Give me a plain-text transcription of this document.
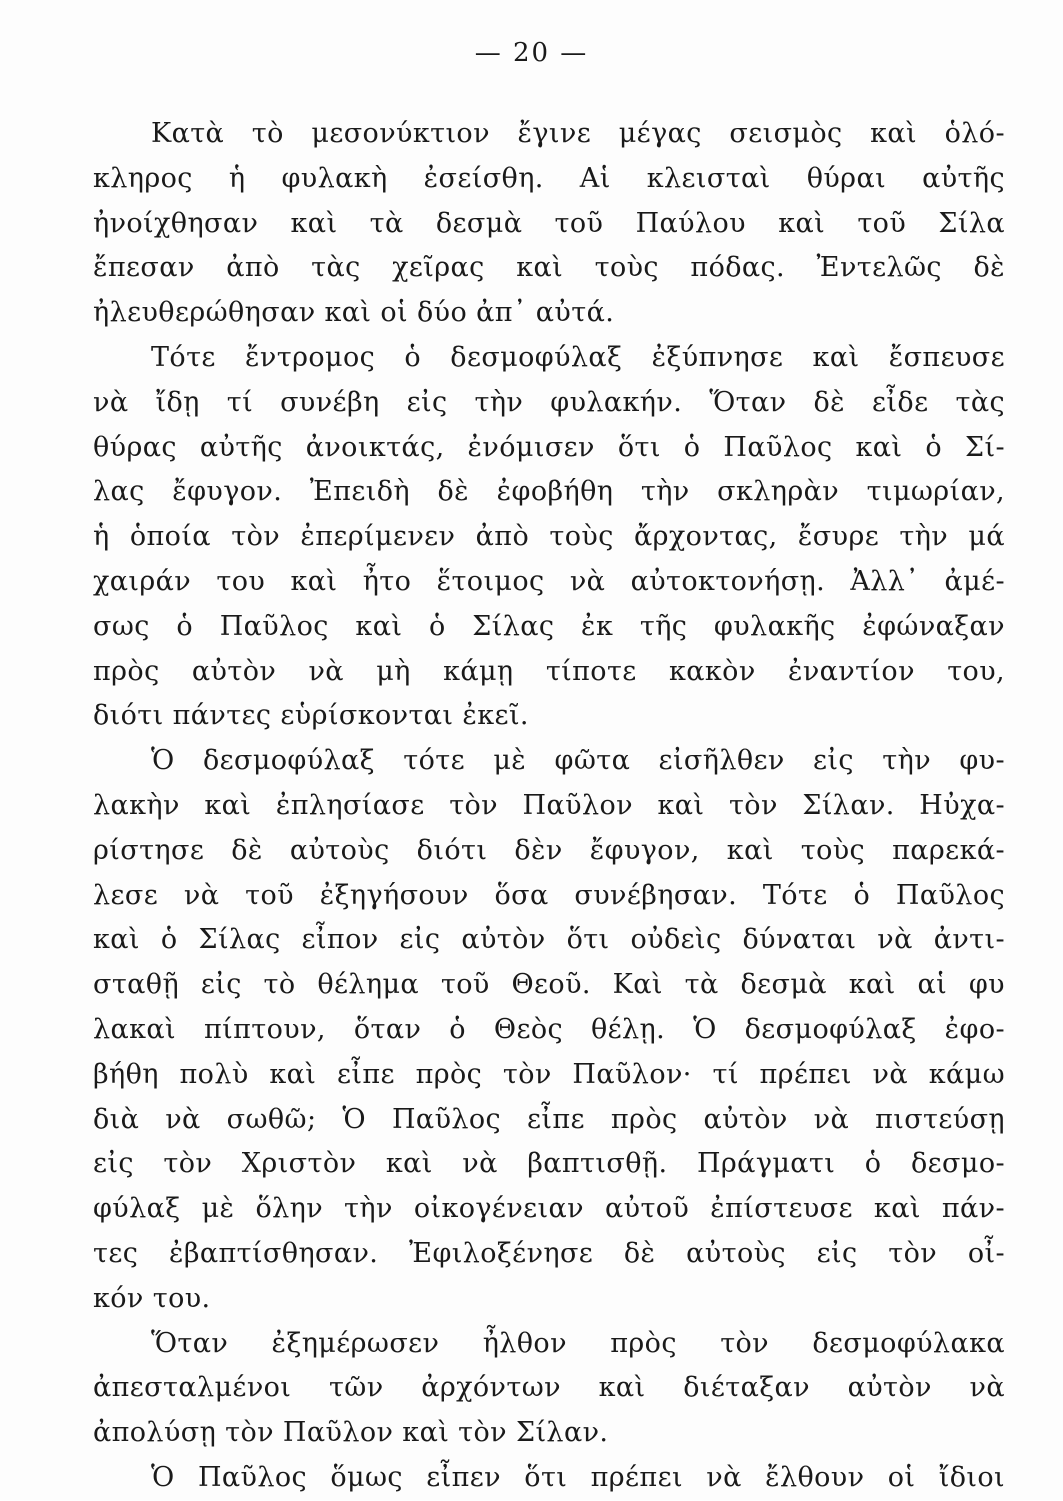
— 20 —
Κατὰ τὸ μεσονύκτιον ἔγινε μέγας σεισμὸς καὶ ὁλό-
κληρος ἡ φυλακὴ ἐσείσθη. Αἱ κλεισταὶ θύραι αὐτῆς
ἠνοίχθησαν καὶ τὰ δεσμὰ τοῦ Παύλου καὶ τοῦ Σίλα
ἔπεσαν ἀπὸ τὰς χεῖρας καὶ τοὺς πόδας. Ἐντελῶς δὲ
ἠλευθερώθησαν καὶ οἱ δύο ἀπ᾽ αὐτά.
Τότε ἔντρομος ὁ δεσμοφύλαξ ἐξύπνησε καὶ ἔσπευσε
νὰ ἴδῃ τί συνέβη εἰς τὴν φυλακήν. Ὅταν δὲ εἶδε τὰς
θύρας αὐτῆς ἀνοικτάς, ἐνόμισεν ὅτι ὁ Παῦλος καὶ ὁ Σί-
λας ἔφυγον. Ἐπειδὴ δὲ ἐφοβήθη τὴν σκληρὰν τιμωρίαν,
ἡ ὁποία τὸν ἐπερίμενεν ἀπὸ τοὺς ἄρχοντας, ἔσυρε τὴν μά
χαιράν του καὶ ἦτο ἕτοιμος νὰ αὐτοκτονήσῃ. Ἀλλ᾽ ἀμέ-
σως ὁ Παῦλος καὶ ὁ Σίλας ἐκ τῆς φυλακῆς ἐφώναξαν
πρὸς αὐτὸν νὰ μὴ κάμῃ τίποτε κακὸν ἐναντίον του,
διότι πάντες εὑρίσκονται ἐκεῖ.
Ὁ δεσμοφύλαξ τότε μὲ φῶτα εἰσῆλθεν εἰς τὴν φυ-
λακὴν καὶ ἐπλησίασε τὸν Παῦλον καὶ τὸν Σίλαν. Ηὐχα-
ρίστησε δὲ αὐτοὺς διότι δὲν ἔφυγον, καὶ τοὺς παρεκά-
λεσε νὰ τοῦ ἐξηγήσουν ὅσα συνέβησαν. Τότε ὁ Παῦλος
καὶ ὁ Σίλας εἶπον εἰς αὐτὸν ὅτι οὐδεὶς δύναται νὰ ἀντι-
σταθῇ εἰς τὸ θέλημα τοῦ Θεοῦ. Καὶ τὰ δεσμὰ καὶ αἱ φυ
λακαὶ πίπτουν, ὅταν ὁ Θεὸς θέλῃ. Ὁ δεσμοφύλαξ ἐφο-
βήθη πολὺ καὶ εἶπε πρὸς τὸν Παῦλον· τί πρέπει νὰ κάμω
διὰ νὰ σωθῶ; Ὁ Παῦλος εἶπε πρὸς αὐτὸν νὰ πιστεύσῃ
εἰς τὸν Χριστὸν καὶ νὰ βαπτισθῇ. Πράγματι ὁ δεσμο-
φύλαξ μὲ ὅλην τὴν οἰκογένειαν αὐτοῦ ἐπίστευσε καὶ πάν-
τες ἐβαπτίσθησαν. Ἐφιλοξένησε δὲ αὐτοὺς εἰς τὸν οἶ-
κόν του.
Ὅταν ἐξημέρωσεν ἦλθον πρὸς τὸν δεσμοφύλακα
ἀπεσταλμένοι τῶν ἀρχόντων καὶ διέταξαν αὐτὸν νὰ
ἀπολύσῃ τὸν Παῦλον καὶ τὸν Σίλαν.
Ὁ Παῦλος ὅμως εἶπεν ὅτι πρέπει νὰ ἔλθουν οἱ ἴδιοι
